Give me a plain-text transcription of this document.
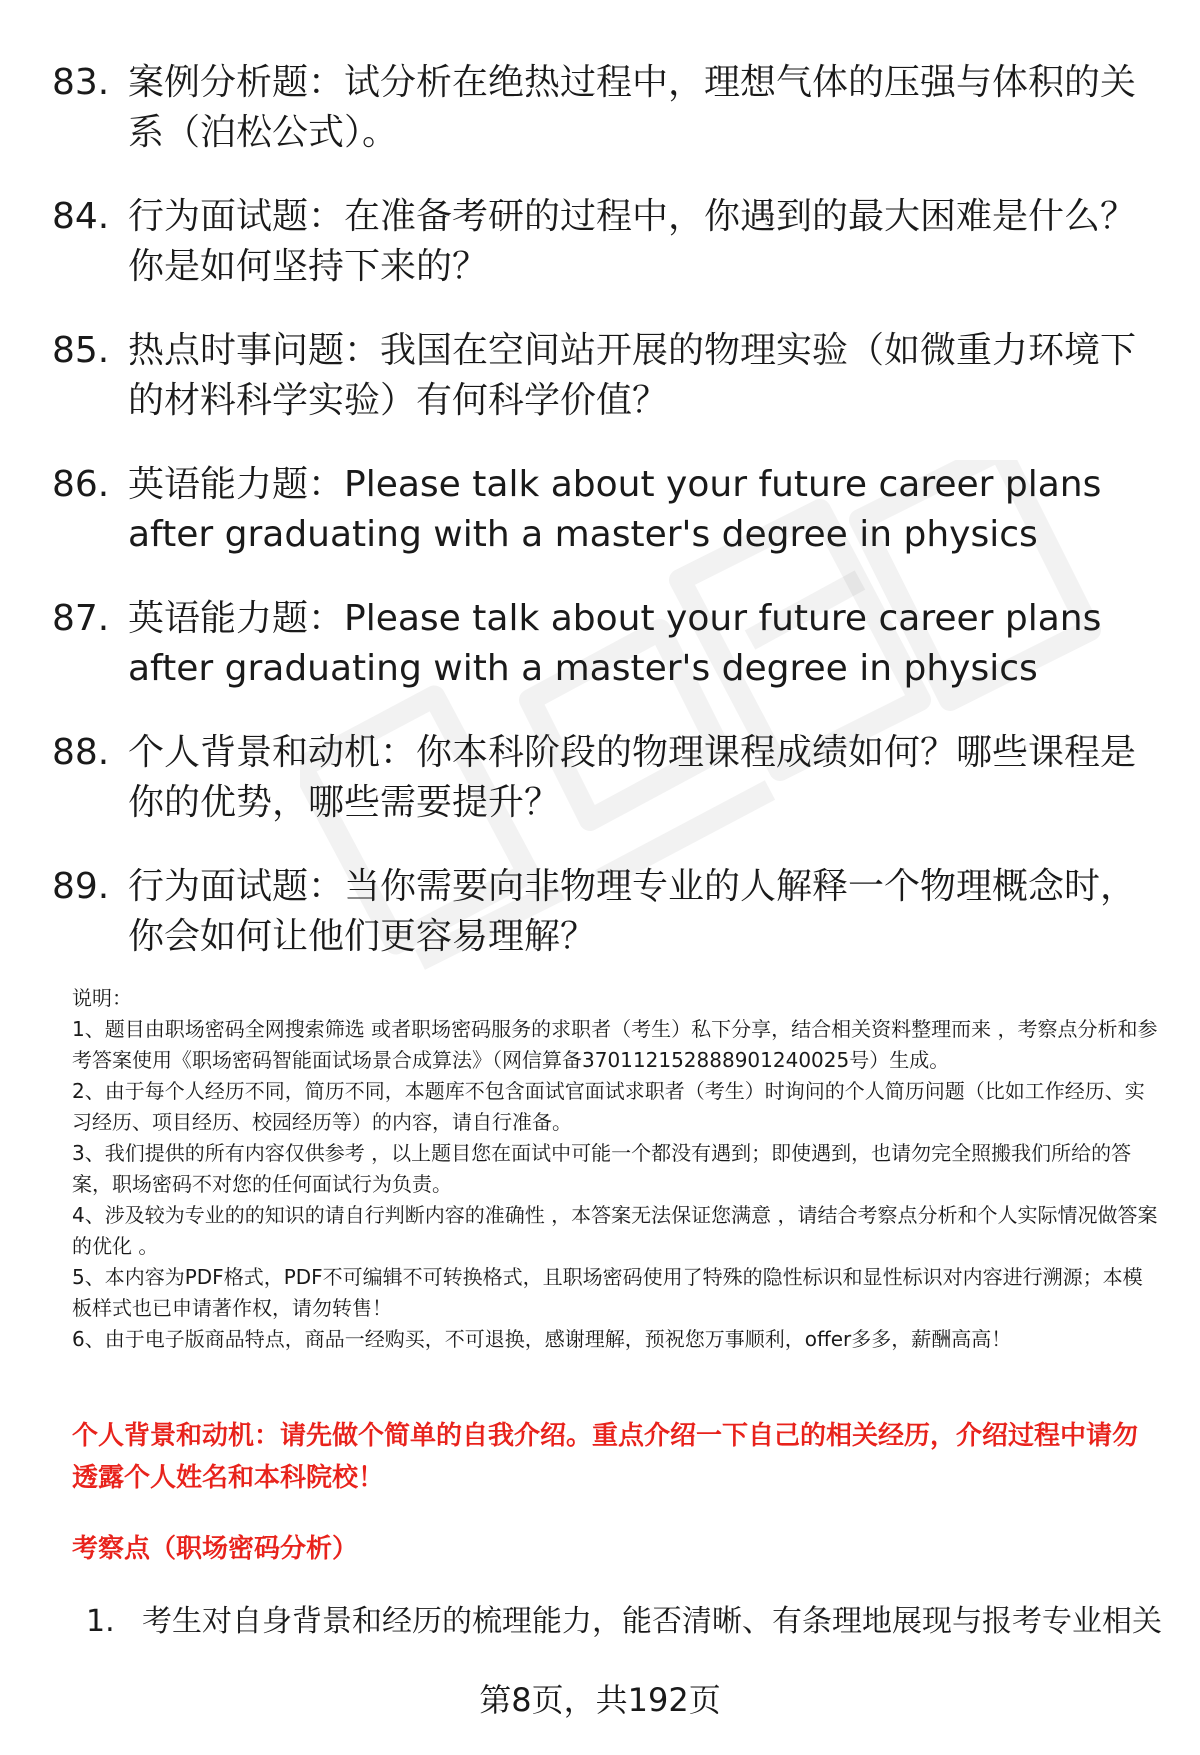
83. 案例分析题：试分析在绝热过程中，理想气体的压强与体积的关系（泊松公式）。
84. 行为面试题：在准备考研的过程中，你遇到的最大困难是什么？你是如何坚持下来的？
85. 热点时事问题：我国在空间站开展的物理实验（如微重力环境下的材料科学实验）有何科学价值？
86. 英语能力题：Please talk about your future career plans after graduating with a master's degree in physics
87. 英语能力题：Please talk about your future career plans after graduating with a master's degree in physics
88. 个人背景和动机：你本科阶段的物理课程成绩如何？哪些课程是你的优势，哪些需要提升？
89. 行为面试题：当你需要向非物理专业的人解释一个物理概念时，你会如何让他们更容易理解？

说明：

1、题目由职场密码全网搜索筛选 或者职场密码服务的求职者（考生）私下分享，结合相关资料整理而来 ，考察点分析和参考答案使用《职场密码智能面试场景合成算法》（网信算备370112152888901240025号）生成。

2、由于每个人经历不同，简历不同，本题库不包含面试官面试求职者（考生）时询问的个人简历问题（比如工作经历、实习经历、项目经历、校园经历等）的内容，请自行准备。

3、我们提供的所有内容仅供参考 ，以上题目您在面试中可能一个都没有遇到；即使遇到，也请勿完全照搬我们所给的答案，职场密码不对您的任何面试行为负责。

4、涉及较为专业的的知识的请自行判断内容的准确性 ，本答案无法保证您满意 ，请结合考察点分析和个人实际情况做答案的优化 。

5、本内容为PDF格式，PDF不可编辑不可转换格式，且职场密码使用了特殊的隐性标识和显性标识对内容进行溯源；本模板样式也已申请著作权，请勿转售！

6、由于电子版商品特点，商品一经购买，不可退换，感谢理解，预祝您万事顺利，offer多多，薪酬高高！

个人背景和动机：请先做个简单的自我介绍。重点介绍一下自己的相关经历，介绍过程中请勿透露个人姓名和本科院校！

考察点（职场密码分析）

1. 考生对自身背景和经历的梳理能力，能否清晰、有条理地展现与报考专业相关
第8页，共192页
